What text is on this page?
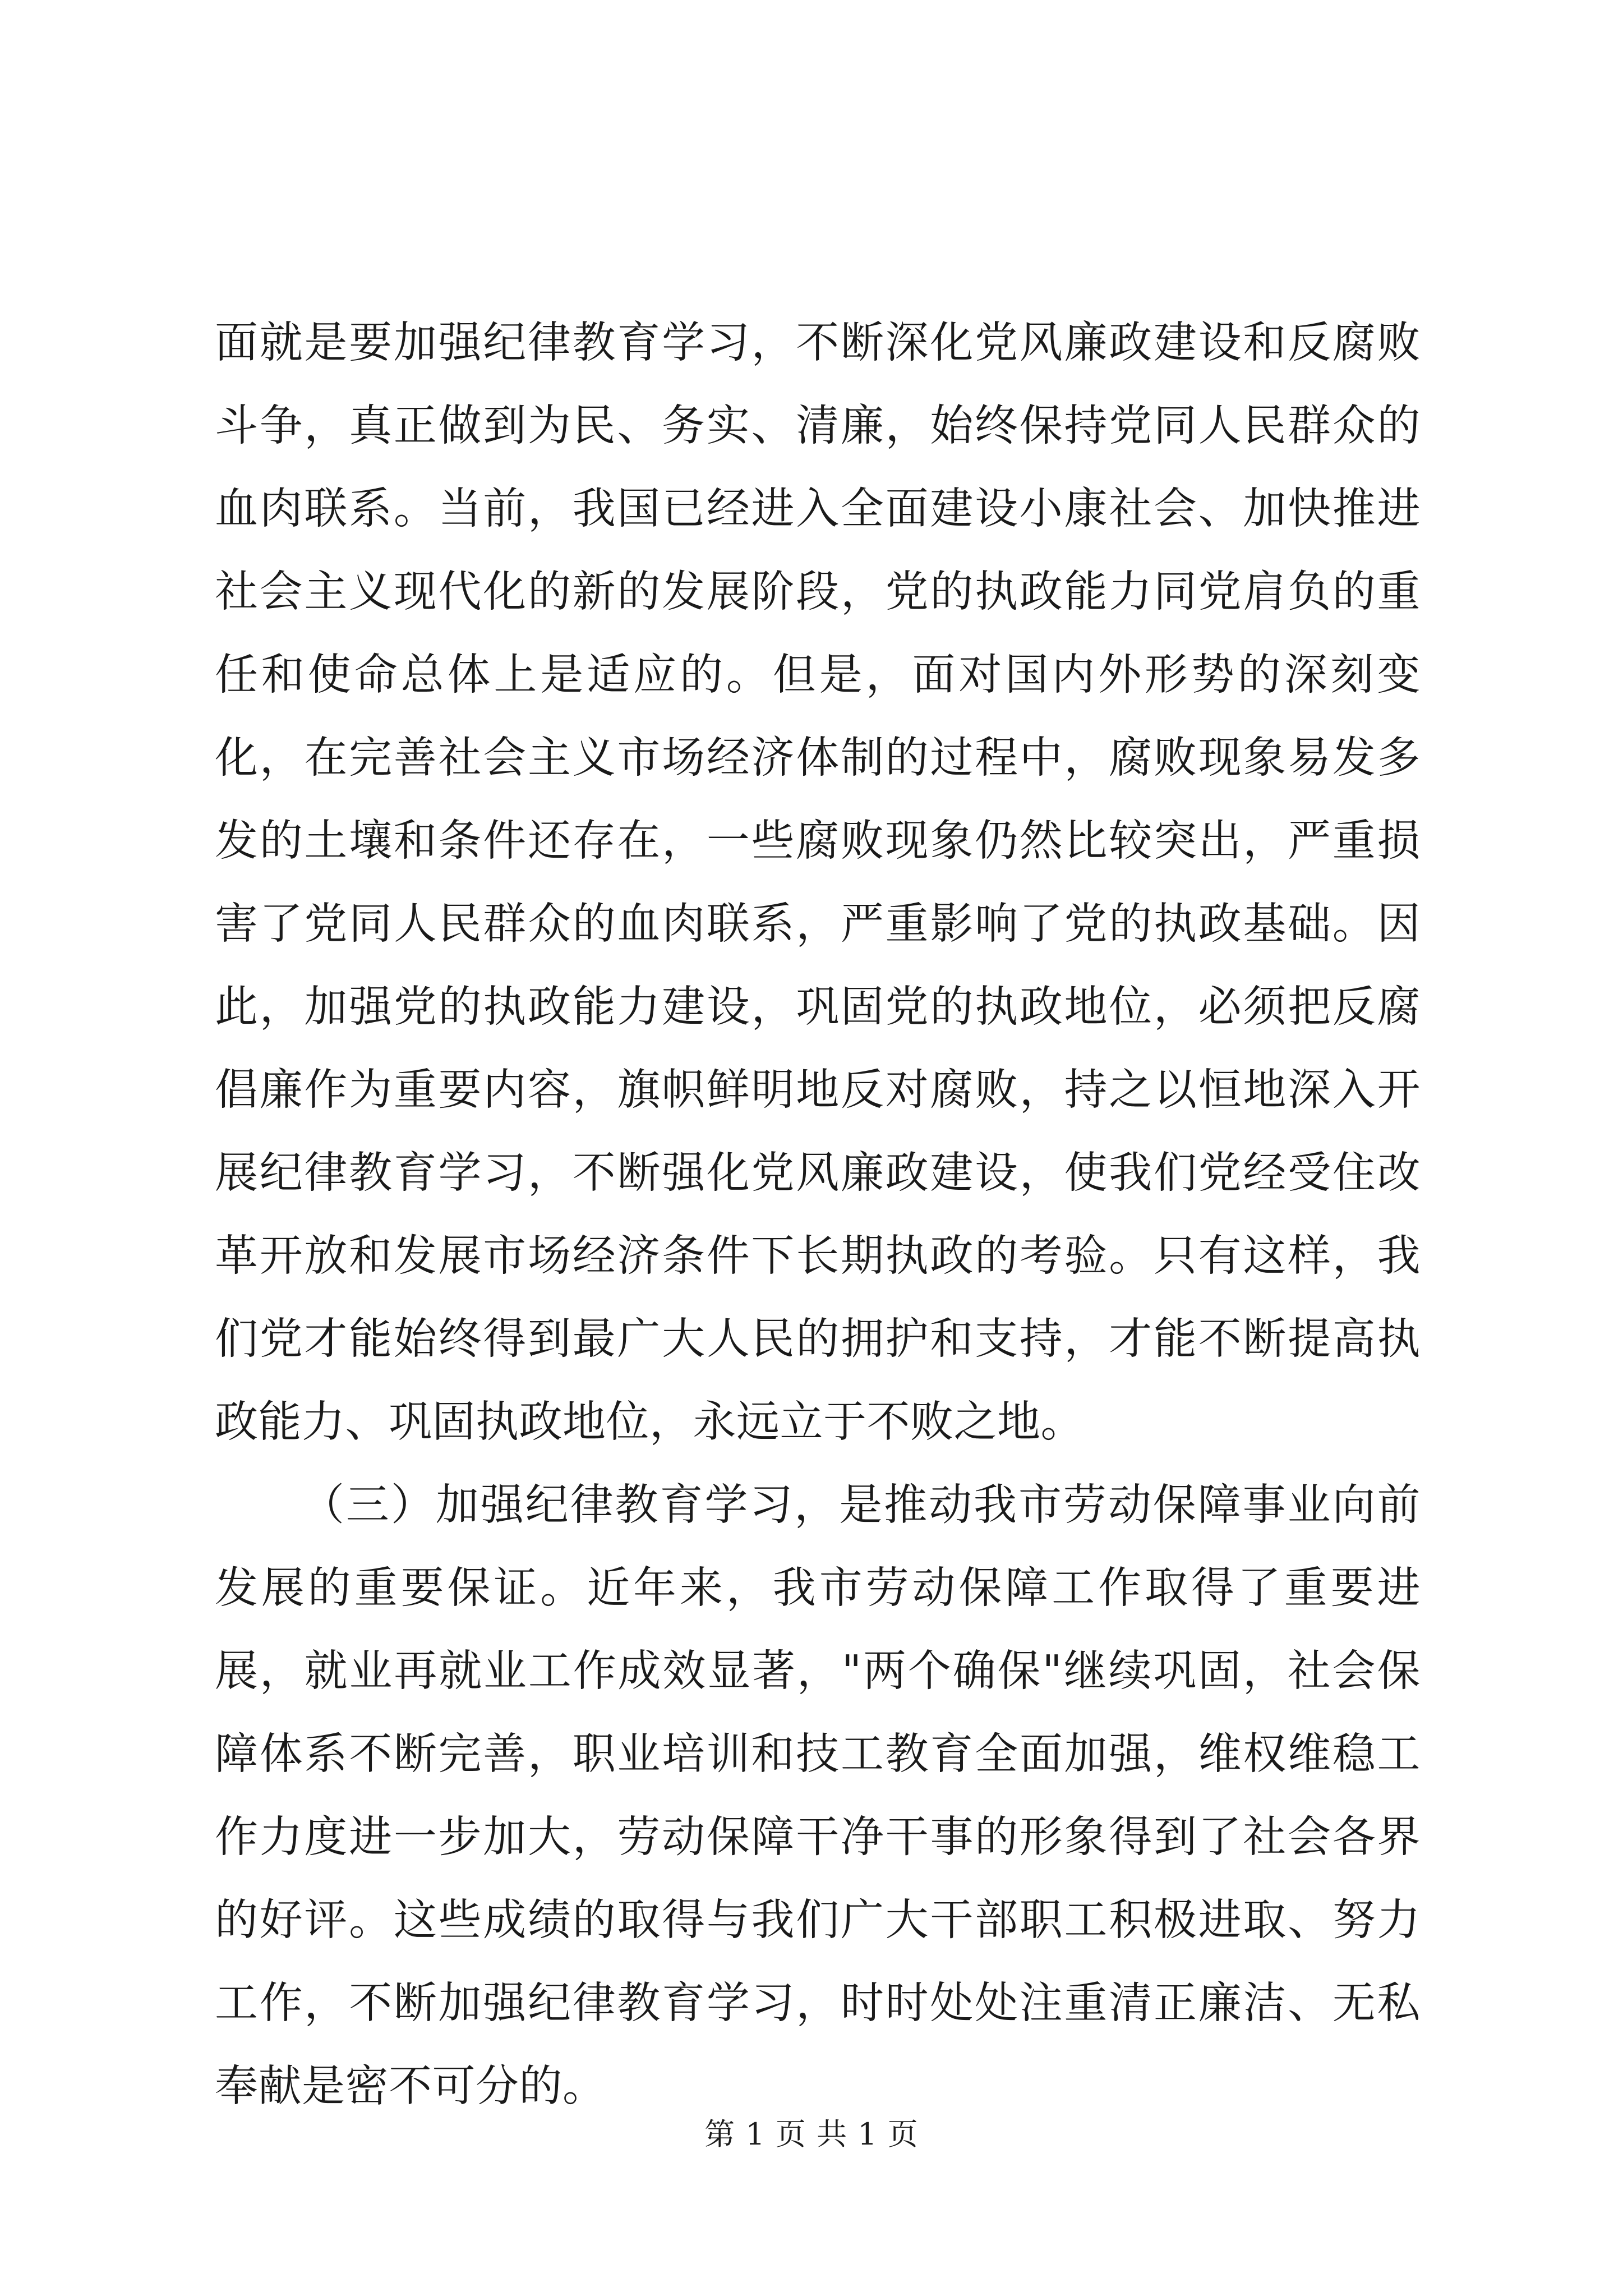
面就是要加强纪律教育学习，不断深化党风廉政建设和反腐败斗争，真正做到为民、务实、清廉，始终保持党同人民群众的血肉联系。当前，我国已经进入全面建设小康社会、加快推进社会主义现代化的新的发展阶段，党的执政能力同党肩负的重任和使命总体上是适应的。但是，面对国内外形势的深刻变化，在完善社会主义市场经济体制的过程中，腐败现象易发多发的土壤和条件还存在，一些腐败现象仍然比较突出，严重损害了党同人民群众的血肉联系，严重影响了党的执政基础。因此，加强党的执政能力建设，巩固党的执政地位，必须把反腐倡廉作为重要内容，旗帜鲜明地反对腐败，持之以恒地深入开展纪律教育学习，不断强化党风廉政建设，使我们党经受住改革开放和发展市场经济条件下长期执政的考验。只有这样，我们党才能始终得到最广大人民的拥护和支持，才能不断提高执政能力、巩固执政地位，永远立于不败之地。

（三）加强纪律教育学习，是推动我市劳动保障事业向前发展的重要保证。近年来，我市劳动保障工作取得了重要进展，就业再就业工作成效显著，"两个确保"继续巩固，社会保障体系不断完善，职业培训和技工教育全面加强，维权维稳工作力度进一步加大，劳动保障干净干事的形象得到了社会各界的好评。这些成绩的取得与我们广大干部职工积极进取、努力工作，不断加强纪律教育学习，时时处处注重清正廉洁、无私奉献是密不可分的。

第 1 页 共 1 页
